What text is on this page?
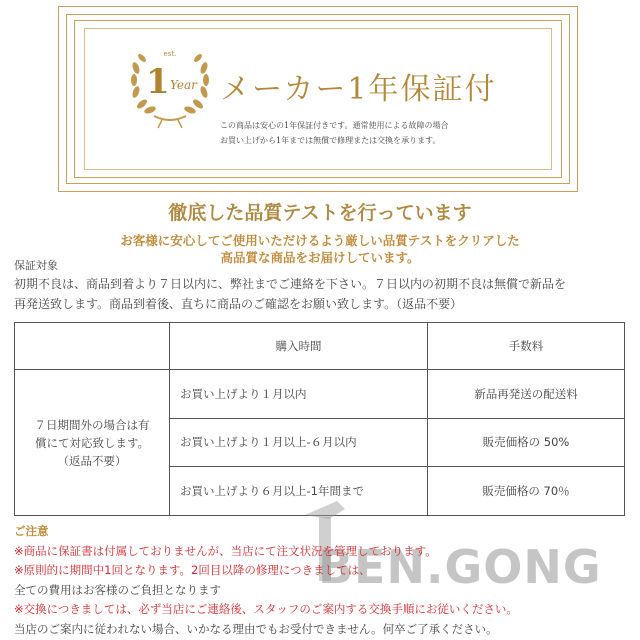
est.
1 Year メーカー1年保証付
この商品は安心の1年保証付きです。通常使用による故障の場合
お買い上げから1年までは無償で修理または交換を承ります。
徹底した品質テストを行っています
お客様に安心してご使用いただけるよう厳しい品質テストをクリアした
高品質な商品をお届けしています。
保証対象
初期不良は、商品到着より７日以内に、弊社までご連絡を下さい。７日以内の初期不良は無償で新品を
再発送致します。商品到着後、直ちに商品のご確認をお願い致します。（返品不要）
	購入時間	手数料

７日期間外の場合は有
償にて対応致します。
（返品不要）	お買い上げより１月以内	新品再発送の配送料
	お買い上げより１月以上-６月以内	販売価格の 50%
	お買い上げより６月以上-1年間まで	販売価格の 70％
BEN.GONG
ご注意
※商品に保証書は付属しておりませんが、当店にて注文状況を管理しております。
※原則的に期間中1回となります。2回目以降の修理につきましては、
全ての費用はお客様のご負担となります
※交換につきましては、必ず当店にご連絡後、スタッフのご案内する交換手順にお従いください。
当店のご案内に従われない場合、いかなる理由でもお受付できません。何卒ご了承ください。
